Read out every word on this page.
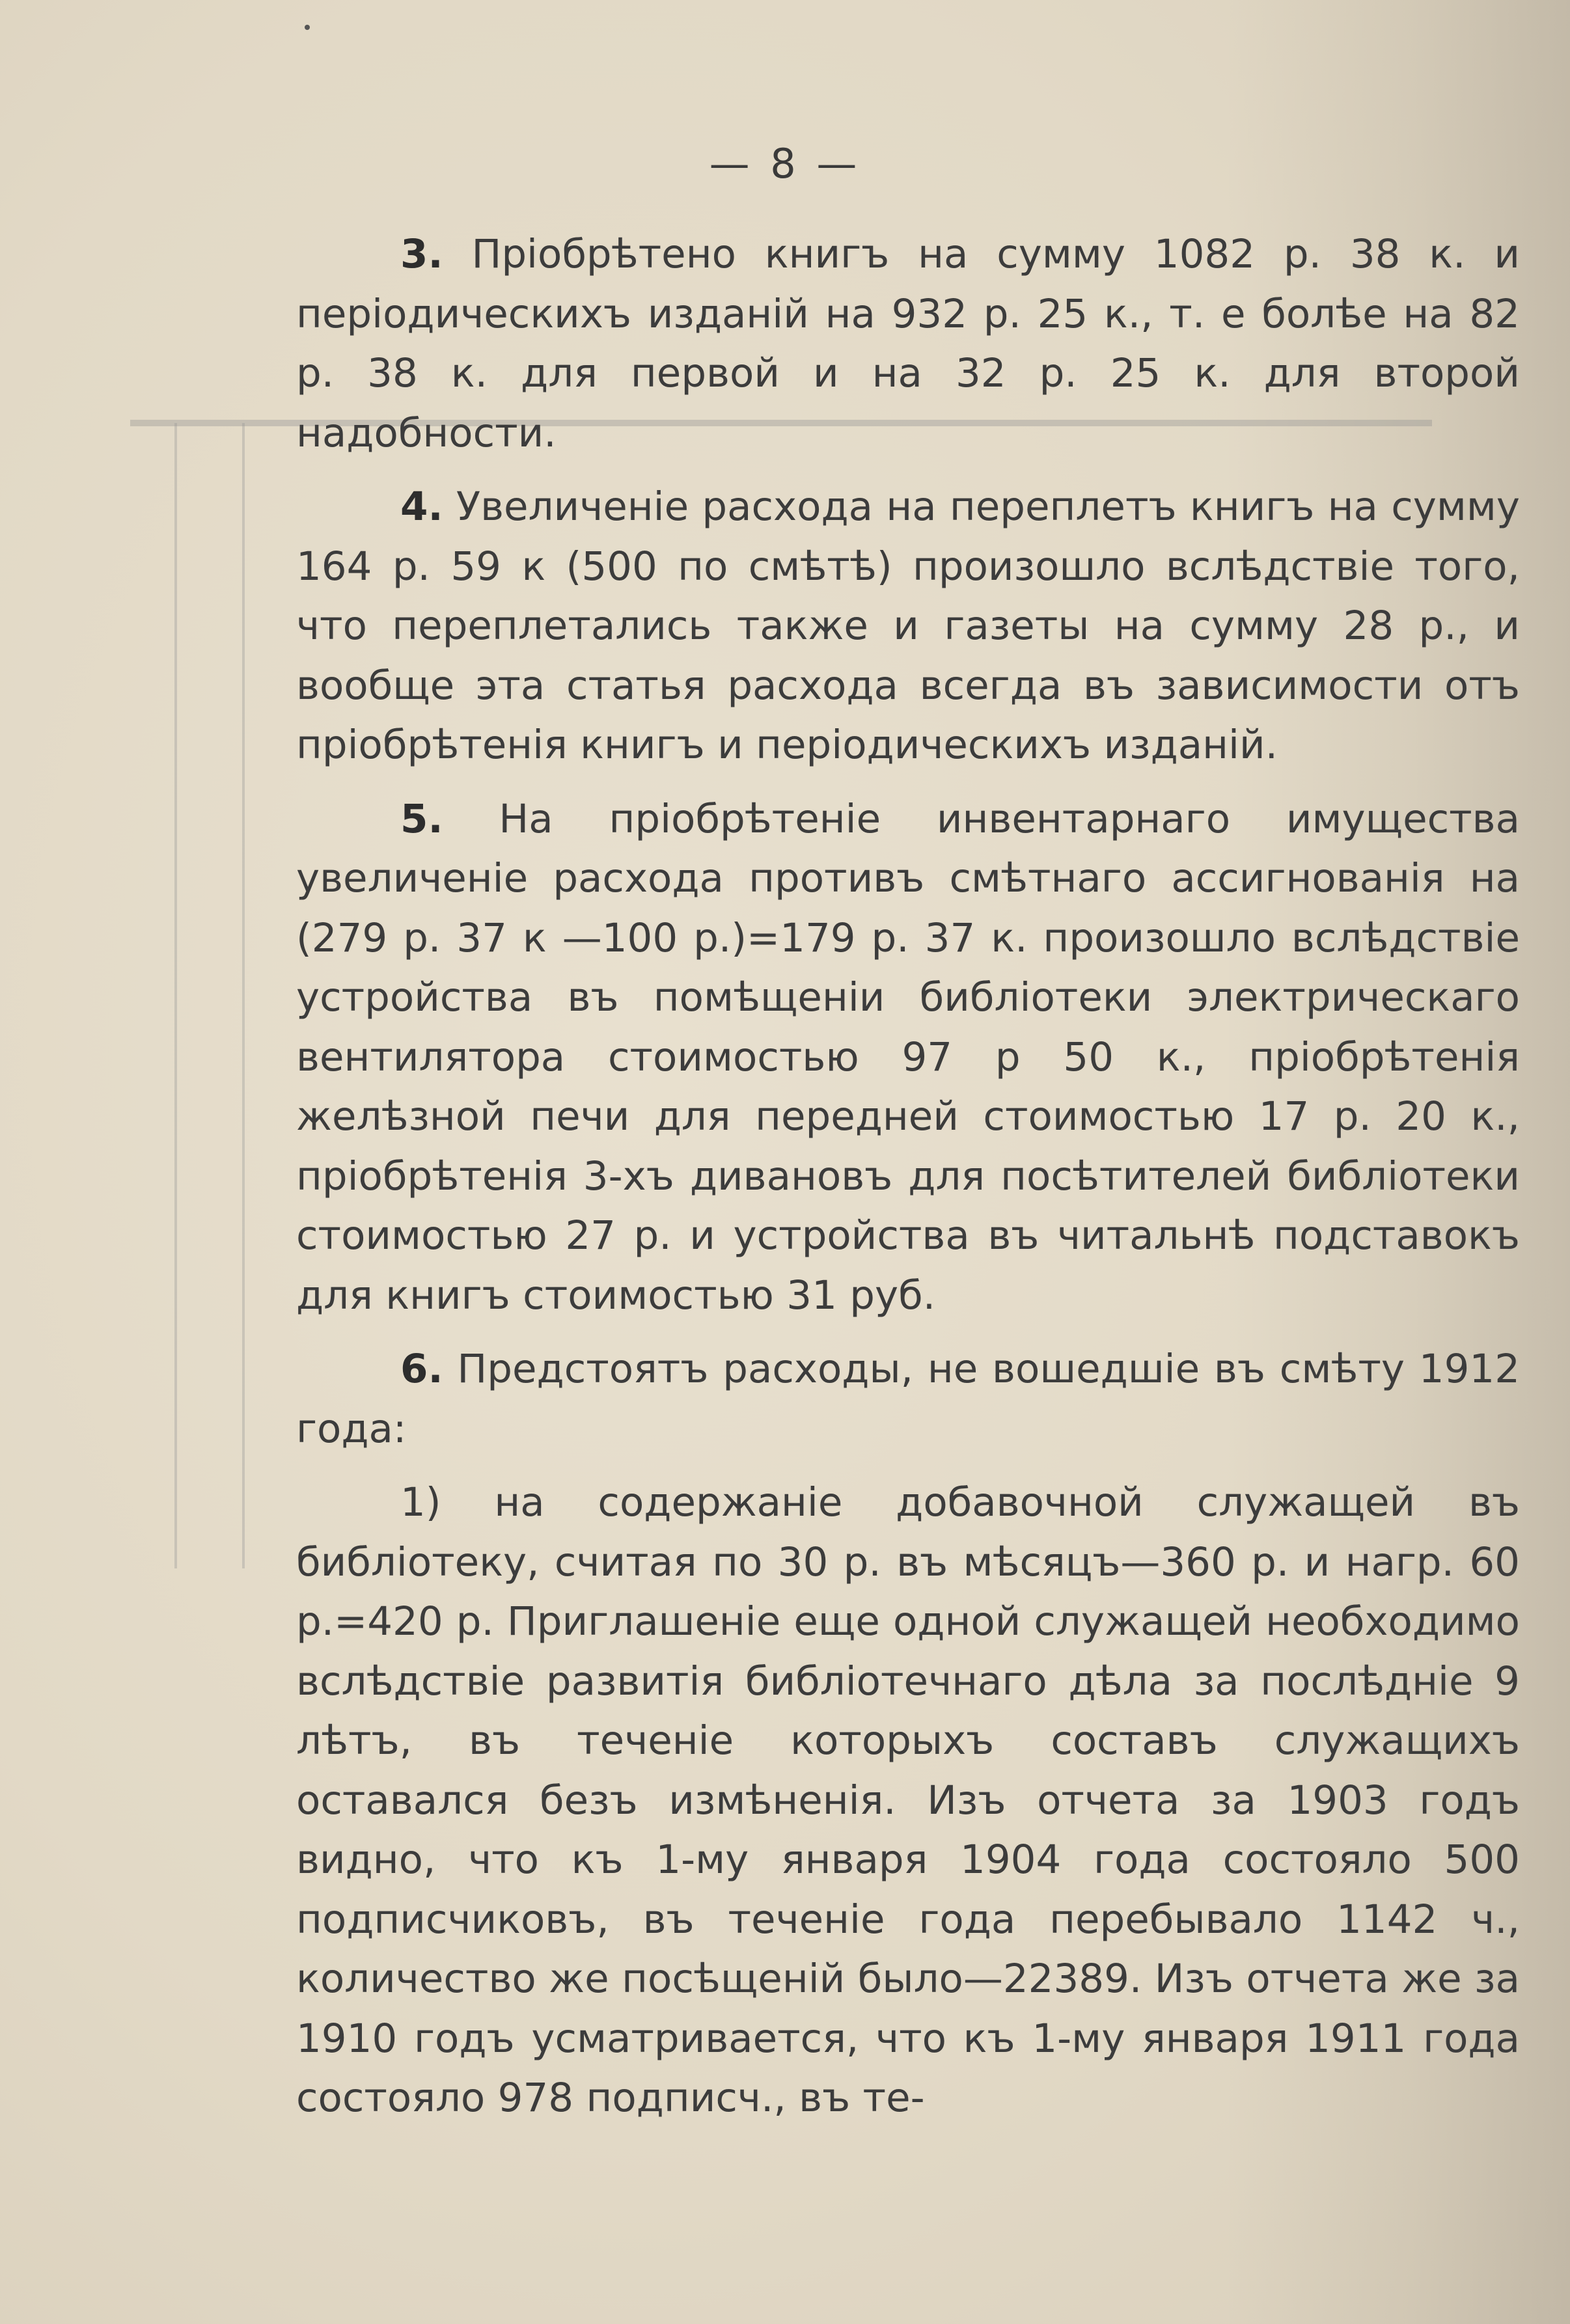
— 8 —

3. Пріобрѣтено книгъ на сумму 1082 р. 38 к. и періодическихъ изданій на 932 р. 25 к., т. е болѣе на 82 р. 38 к. для первой и на 32 р. 25 к. для второй надобности.

4. Увеличеніе расхода на переплетъ книгъ на сумму 164 р. 59 к (500 по смѣтѣ) произошло вслѣдствіе того, что переплетались также и газеты на сумму 28 р., и вообще эта статья расхода всегда въ зависимости отъ пріобрѣтенія книгъ и періодическихъ изданій.

5. На пріобрѣтеніе инвентарнаго имущества увеличеніе расхода противъ смѣтнаго ассигнованія на (279 р. 37 к —100 р.)=179 р. 37 к. произошло вслѣдствіе устройства въ помѣщеніи библіотеки электрическаго вентилятора стоимостью 97 р 50 к., пріобрѣтенія желѣзной печи для передней стоимостью 17 р. 20 к., пріобрѣтенія 3-хъ дивановъ для посѣтителей библіотеки стоимостью 27 р. и устройства въ читальнѣ подставокъ для книгъ стоимостью 31 руб.

6. Предстоятъ расходы, не вошедшіе въ смѣту 1912 года:

1) на содержаніе добавочной служащей въ библіотеку, считая по 30 р. въ мѣсяцъ—360 р. и нагр. 60 р.=420 р. Приглашеніе еще одной служащей необходимо вслѣдствіе развитія библіотечнаго дѣла за послѣдніе 9 лѣтъ, въ теченіе которыхъ составъ служащихъ оставался безъ измѣненія. Изъ отчета за 1903 годъ видно, что къ 1-му января 1904 года состояло 500 подписчиковъ, въ теченіе года перебывало 1142 ч., количество же посѣщеній было—22389. Изъ отчета же за 1910 годъ усматривается, что къ 1-му января 1911 года состояло 978 подписч., въ те-
